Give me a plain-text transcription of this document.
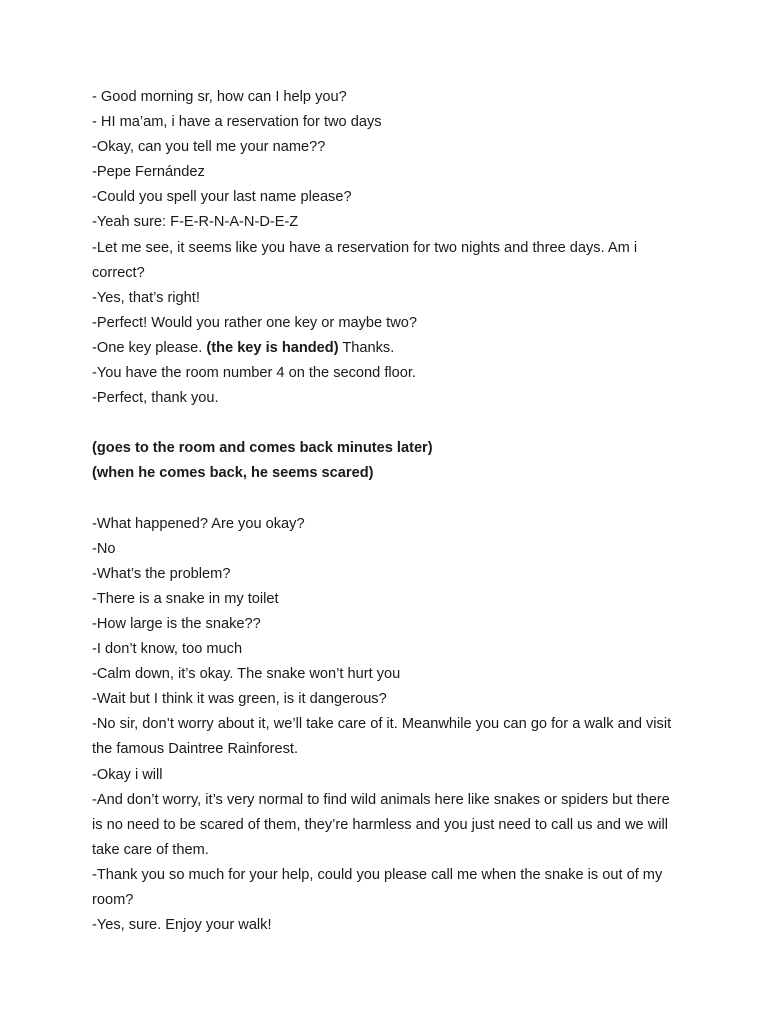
- Good morning sr, how can I help you?
- HI ma’am, i have a reservation for two days
-Okay, can you tell me your name??
-Pepe Fernández
-Could you spell your last name please?
-Yeah sure: F-E-R-N-A-N-D-E-Z
-Let me see, it seems like you have a reservation for two nights and three days. Am i correct?
-Yes, that’s right!
-Perfect! Would you rather one key or maybe two?
-One key please. (the key is handed) Thanks.
-You have the room number 4 on the second floor.
-Perfect, thank you.
(goes to the room and comes back minutes later)
(when he comes back, he seems scared)
-What happened? Are you okay?
-No
-What’s the problem?
-There is a snake in my toilet
-How large is the snake??
-I don’t know, too much
-Calm down, it’s okay. The snake won’t hurt you
-Wait but I think it was green, is it dangerous?
-No sir, don’t worry about it, we’ll take care of it. Meanwhile you can go for a walk and visit the famous Daintree Rainforest.
-Okay i will
-And don’t worry, it’s very normal to find wild animals here like snakes or spiders but there is no need to be scared of them, they’re harmless and you just need to call us and we will take care of them.
-Thank you so much for your help, could you please call me when the snake is out of my room?
-Yes, sure. Enjoy your walk!
